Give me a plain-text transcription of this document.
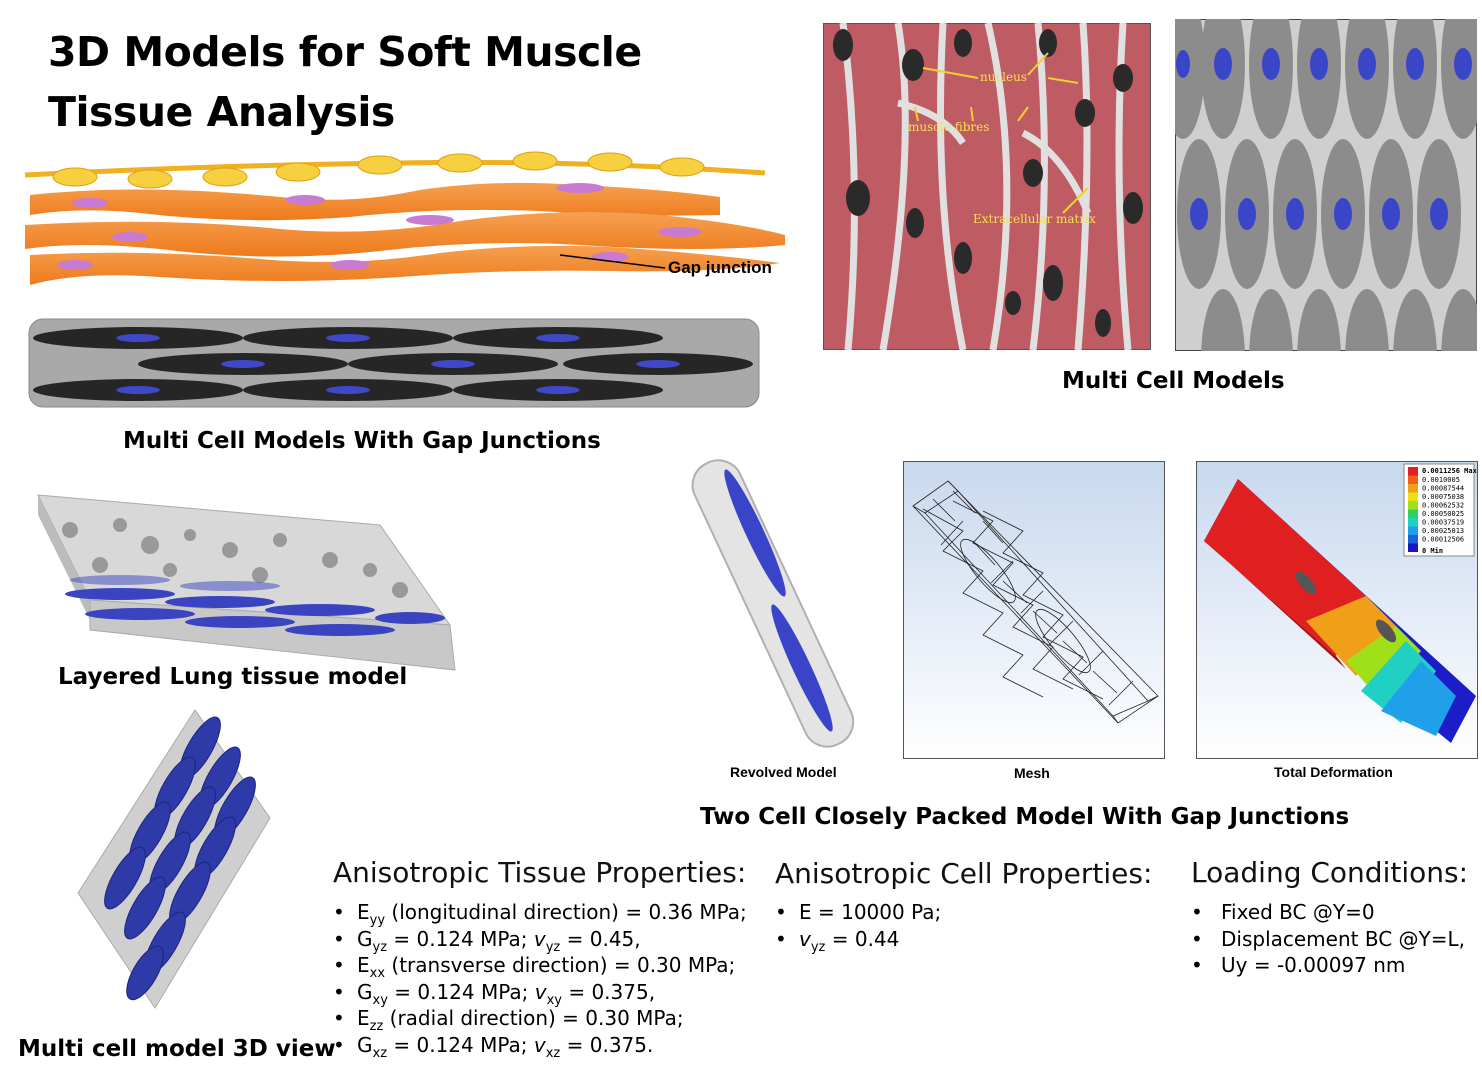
3D Models for Soft Muscle Tissue Analysis
Gap junction
Multi Cell Models With Gap Junctions
nucleus
muscle fibres
Extracellular matrix
Multi Cell Models
Layered Lung tissue model
Multi cell model 3D view
Revolved Model	Mesh
0.0011256 Max
0.0010005
0.00087544
0.00075038
0.00062532
0.00050025
0.00037519
0.00025013
0.00012506
0 Min
Total Deformation
Two Cell Closely Packed Model With Gap Junctions
Anisotropic Tissue Properties:
• $E_{yy}$ (longitudinal direction) = 0.36 MPa;
• $G_{yz} = 0.124$ MPa; $v_{yz} = 0.45$,
• $E_{xx}$ (transverse direction) = 0.30 MPa;
• $G_{xy} = 0.124$ MPa; $v_{xy} = 0.375$,
• $E_{zz}$ (radial direction) = 0.30 MPa;
• $G_{xz} = 0.124$ MPa; $v_{xz} = 0.375$.
Anisotropic Cell Properties:
• E = 10000 Pa;
• $v_{yz} = 0.44$
Loading Conditions:
• Fixed BC @Y=0
• Displacement BC @Y=L,
• Uy = -0.00097 nm
